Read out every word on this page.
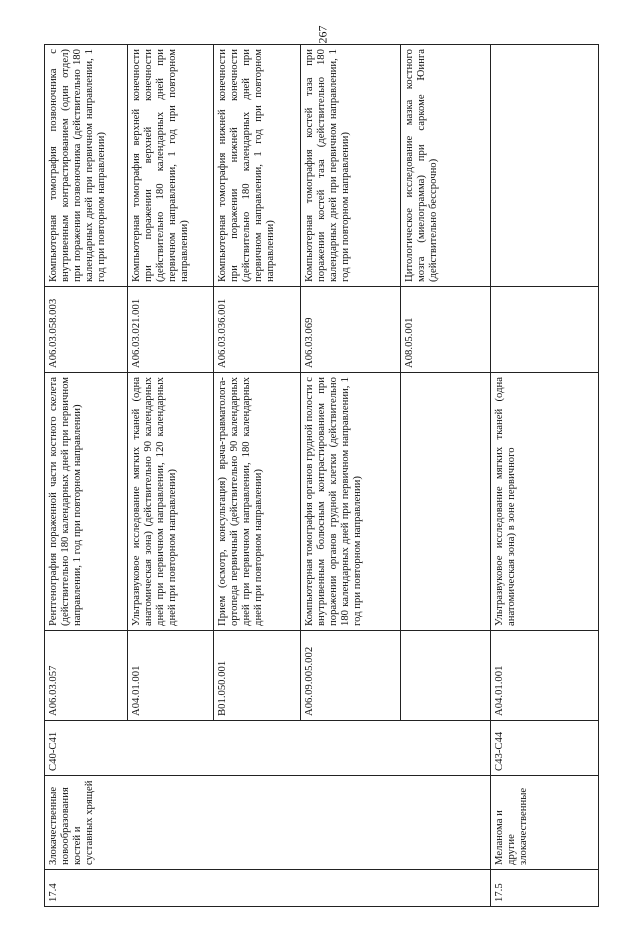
267
17.4	Злокачественные новообразования костей и суставных хрящей	C40-C41	A06.03.057	Рентгенография пораженной части костного скелета (действительно 180 календарных дней при первичном направлении, 1 год при повторном направлении)	A06.03.058.003	Компьютерная томография позвоночника с внутривенным контрастированием (один отдел) при поражении позвоночника (действительно 180 календарных дней при первичном направлении, 1 год при повторном направлении)
			A04.01.001	Ультразвуковое исследование мягких тканей (одна анатомическая зона) (действительно 90 календарных дней при первичном направлении, 120 календарных дней при повторном направлении)	A06.03.021.001	Компьютерная томография верхней конечности при поражении верхней конечности (действительно 180 календарных дней при первичном направлении, 1 год при повторном направлении)
			B01.050.001	Прием (осмотр, консультация) врача-травматолога-ортопеда первичный (действительно 90 календарных дней при первичном направлении, 180 календарных дней при повторном направлении)	A06.03.036.001	Компьютерная томография нижней конечности при поражении нижней конечности (действительно 180 календарных дней при первичном направлении, 1 год при повторном направлении)
			A06.09.005.002	Компьютерная томография органов грудной полости с внутривенным болюсным контрастированием при поражении органов грудной клетки (действительно 180 календарных дней при первичном направлении, 1 год при повторном направлении)	A06.03.069	Компьютерная томография костей таза при поражении костей таза (действительно 180 календарных дней при первичном направлении, 1 год при повторном направлении)
					A08.05.001	Цитологическое исследование мазка костного мозга (миелограмма) при саркоме Юинга (действительно бессрочно)
17.5	Меланома и другие злокачественные	C43-C44	A04.01.001	Ультразвуковое исследование мягких тканей (одна анатомическая зона) в зоне первичного		
